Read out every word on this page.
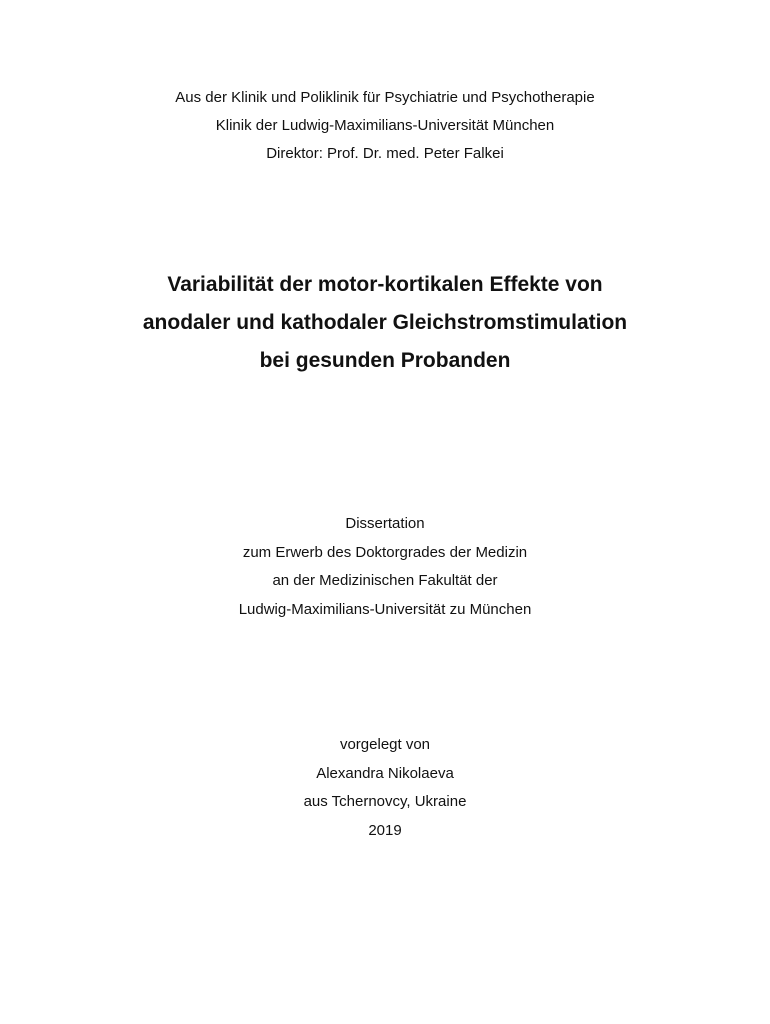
Aus der Klinik und Poliklinik für Psychiatrie und Psychotherapie
Klinik der Ludwig-Maximilians-Universität München
Direktor: Prof. Dr. med. Peter Falkei
Variabilität der motor-kortikalen Effekte von
anodaler und kathodaler Gleichstromstimulation
bei gesunden Probanden
Dissertation
zum Erwerb des Doktorgrades der Medizin
an der Medizinischen Fakultät der
Ludwig-Maximilians-Universität zu München
vorgelegt von
Alexandra Nikolaeva
aus Tchernovcy, Ukraine
2019
